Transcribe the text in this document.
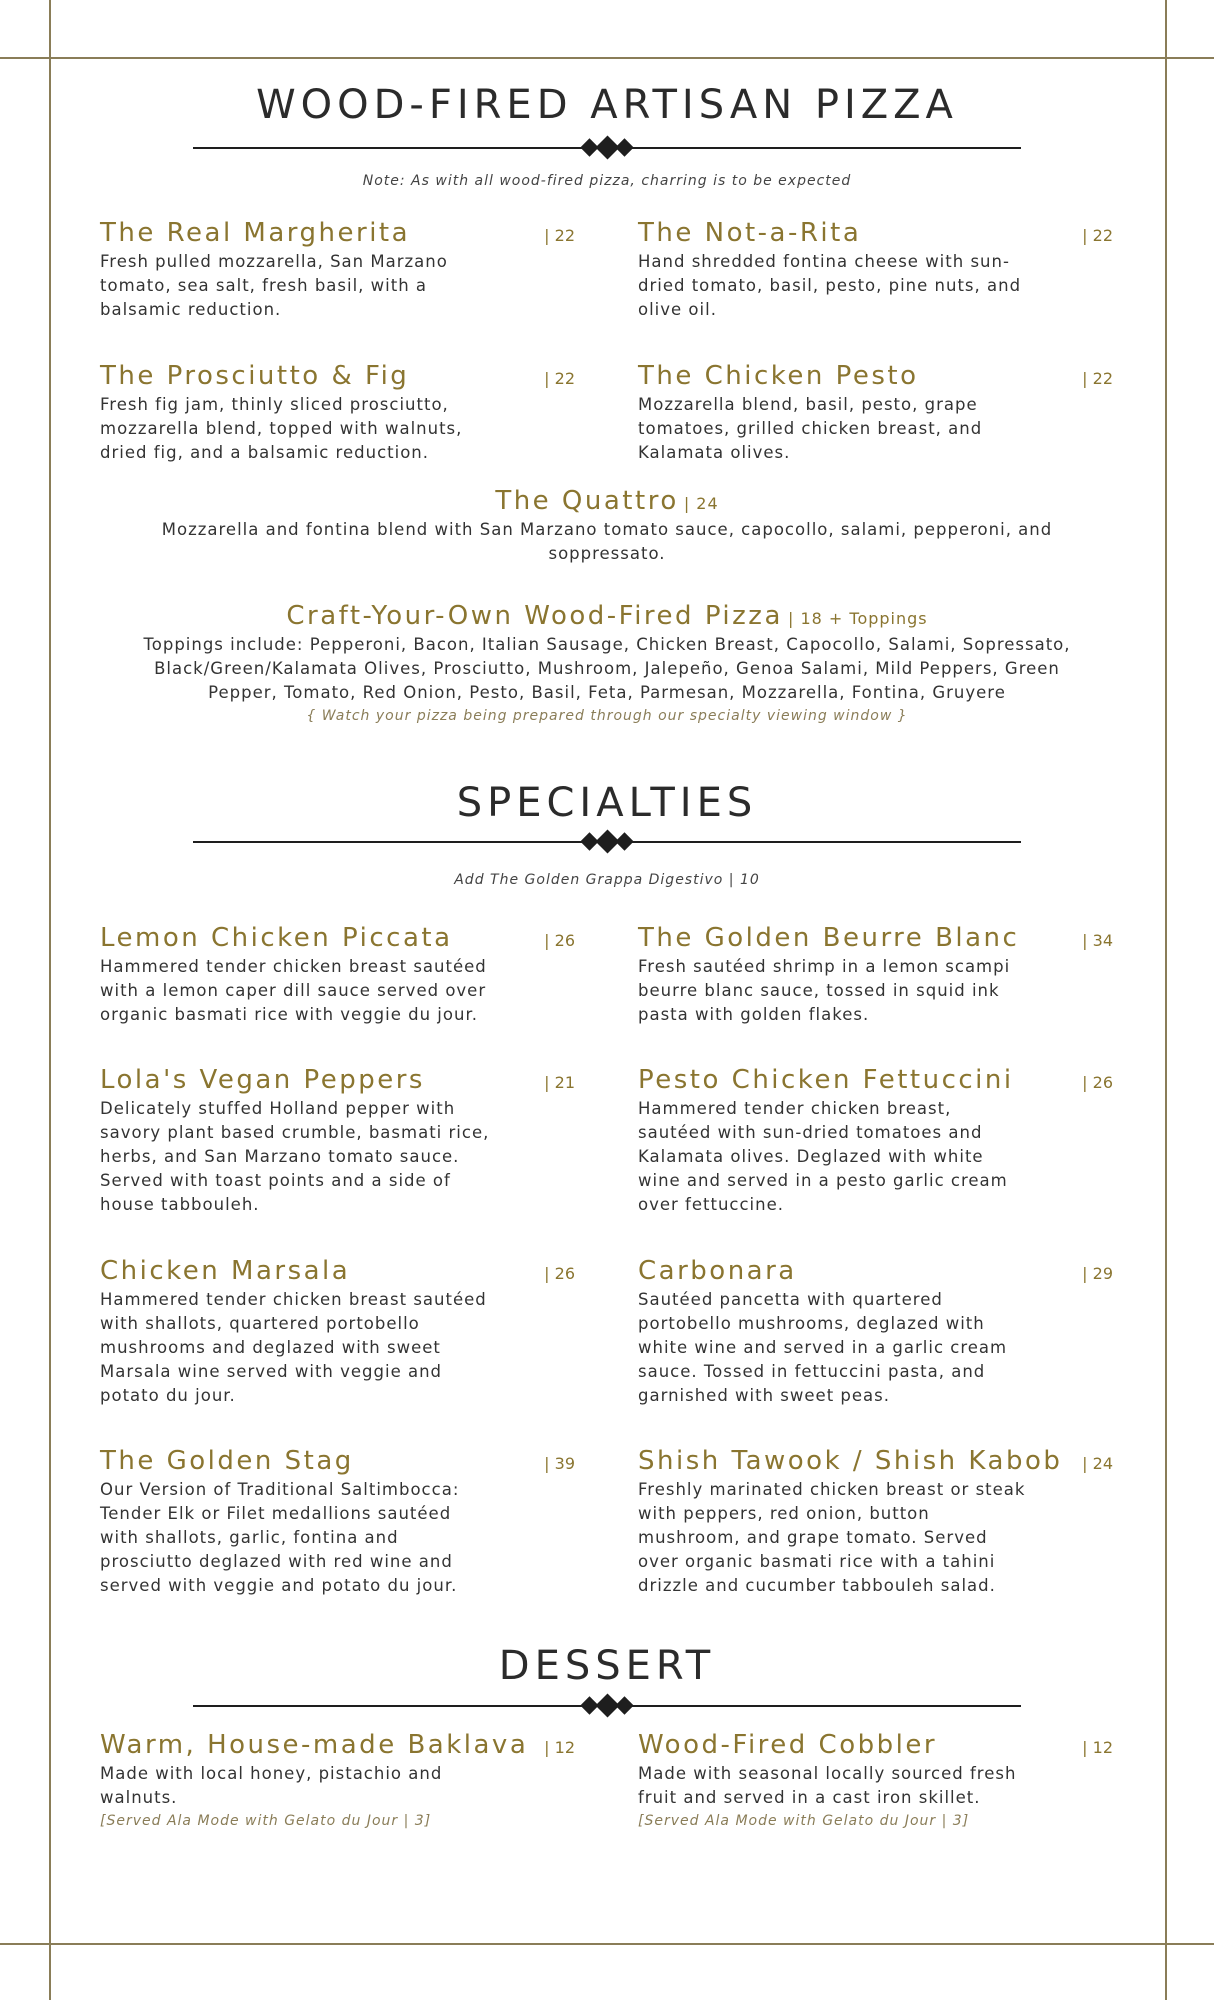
WOOD-FIRED ARTISAN PIZZA
Note: As with all wood-fired pizza, charring is to be expected
The Real Margherita	| 22
Fresh pulled mozzarella, San Marzano tomato, sea salt, fresh basil, with a balsamic reduction.
The Not-a-Rita	| 22
Hand shredded fontina cheese with sun-dried tomato, basil, pesto, pine nuts, and olive oil.
The Prosciutto & Fig	| 22
Fresh fig jam, thinly sliced prosciutto, mozzarella blend, topped with walnuts, dried fig, and a balsamic reduction.
The Chicken Pesto	| 22
Mozzarella blend, basil, pesto, grape tomatoes, grilled chicken breast, and Kalamata olives.
The Quattro | 24
Mozzarella and fontina blend with San Marzano tomato sauce, capocollo, salami, pepperoni, and soppressato.
Craft-Your-Own Wood-Fired Pizza | 18 + Toppings
Toppings include: Pepperoni, Bacon, Italian Sausage, Chicken Breast, Capocollo, Salami, Sopressato, Black/Green/Kalamata Olives, Prosciutto, Mushroom, Jalepeño, Genoa Salami, Mild Peppers, Green Pepper, Tomato, Red Onion, Pesto, Basil, Feta, Parmesan, Mozzarella, Fontina, Gruyere
{ Watch your pizza being prepared through our specialty viewing window }
SPECIALTIES
Add The Golden Grappa Digestivo | 10
Lemon Chicken Piccata	| 26
Hammered tender chicken breast sautéed with a lemon caper dill sauce served over organic basmati rice with veggie du jour.
The Golden Beurre Blanc	| 34
Fresh sautéed shrimp in a lemon scampi beurre blanc sauce, tossed in squid ink pasta with golden flakes.
Lola's Vegan Peppers	| 21
Delicately stuffed Holland pepper with savory plant based crumble, basmati rice, herbs, and San Marzano tomato sauce. Served with toast points and a side of house tabbouleh.
Pesto Chicken Fettuccini	| 26
Hammered tender chicken breast, sautéed with sun-dried tomatoes and Kalamata olives. Deglazed with white wine and served in a pesto garlic cream over fettuccine.
Chicken Marsala	| 26
Hammered tender chicken breast sautéed with shallots, quartered portobello mushrooms and deglazed with sweet Marsala wine served with veggie and potato du jour.
Carbonara	| 29
Sautéed pancetta with quartered portobello mushrooms, deglazed with white wine and served in a garlic cream sauce. Tossed in fettuccini pasta, and garnished with sweet peas.
The Golden Stag	| 39
Our Version of Traditional Saltimbocca: Tender Elk or Filet medallions sautéed with shallots, garlic, fontina and prosciutto deglazed with red wine and served with veggie and potato du jour.
Shish Tawook / Shish Kabob	| 24
Freshly marinated chicken breast or steak with peppers, red onion, button mushroom, and grape tomato. Served over organic basmati rice with a tahini drizzle and cucumber tabbouleh salad.
DESSERT
Warm, House-made Baklava | 12
Made with local honey, pistachio and walnuts.
[Served Ala Mode with Gelato du Jour | 3]
Wood-Fired Cobbler	| 12
Made with seasonal locally sourced fresh fruit and served in a cast iron skillet.
[Served Ala Mode with Gelato du Jour | 3]
